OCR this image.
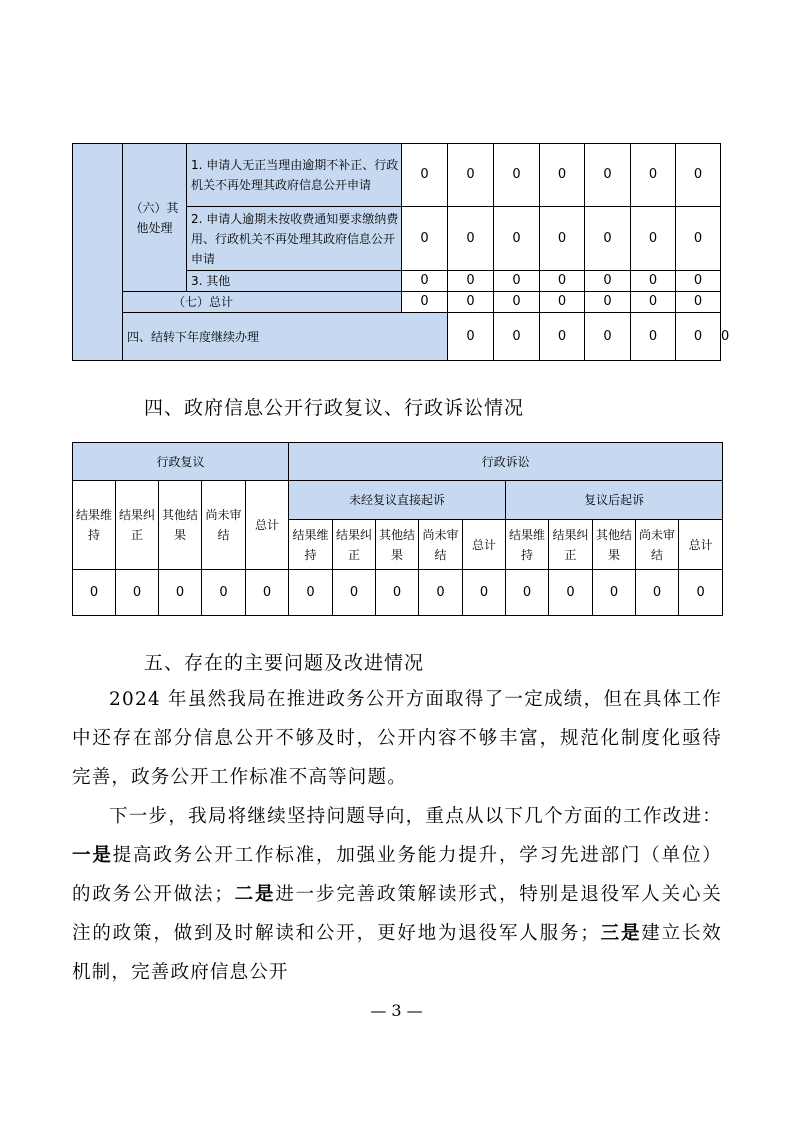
	（六）其他处理	1. 申请人无正当理由逾期不补正、行政机关不再处理其政府信息公开申请	0	0	0	0	0	0	0	
		2. 申请人逾期未按收费通知要求缴纳费用、行政机关不再处理其政府信息公开申请	0	0	0	0	0	0	0	
		3. 其他	0	0	0	0	0	0	0	
	（七）总计		0	0	0	0	0	0	0	
	四、结转下年度继续办理			0	0	0	0	0	0	0
四、政府信息公开行政复议、行政诉讼情况
行政复议					行政诉讼									
结果维持	结果纠正	其他结果	尚未审结	总计	未经复议直接起诉					复议后起诉				
					结果维持	结果纠正	其他结果	尚未审结	总计	结果维持	结果纠正	其他结果	尚未审结	总计
0	0	0	0	0	0	0	0	0	0	0	0	0	0	0
五、存在的主要问题及改进情况

2024 年虽然我局在推进政务公开方面取得了一定成绩，但在具体工作中还存在部分信息公开不够及时，公开内容不够丰富，规范化制度化亟待完善，政务公开工作标准不高等问题。

下一步，我局将继续坚持问题导向，重点从以下几个方面的工作改进：一是提高政务公开工作标准，加强业务能力提升，学习先进部门（单位）的政务公开做法；二是进一步完善政策解读形式，特别是退役军人关心关注的政策，做到及时解读和公开，更好地为退役军人服务；三是建立长效机制，完善政府信息公开

— 3 —
